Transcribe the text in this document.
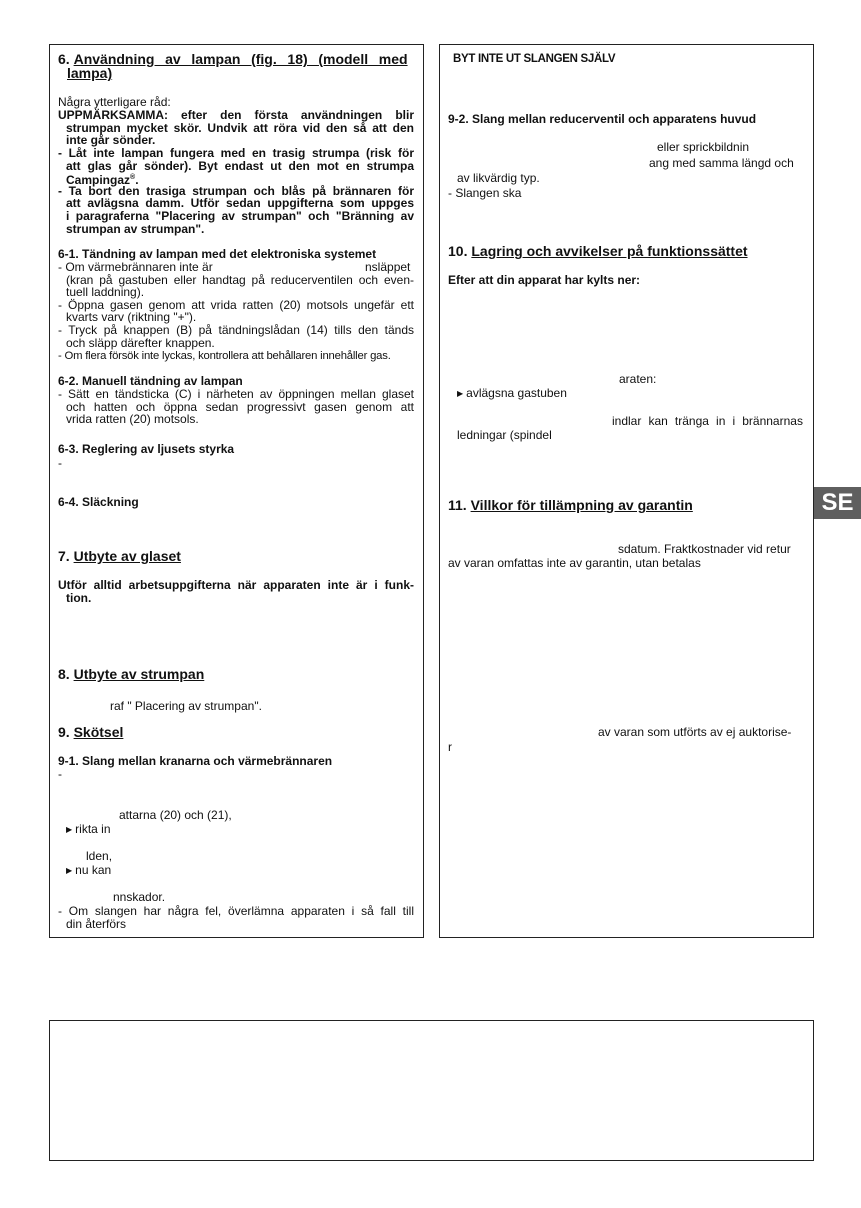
6. Användning av lampan (fig. 18) (modell med
lampa)
Några ytterligare råd:
UPPMÄRKSAMMA: efter den första användningen blir
strumpan mycket skör. Undvik att röra vid den så att den
inte går sönder.
- Låt inte lampan fungera med en trasig strumpa (risk för
att glas går sönder). Byt endast ut den mot en strumpa
Campingaz®.
- Ta bort den trasiga strumpan och blås på brännaren för
att avlägsna damm. Utför sedan uppgifterna som uppges
i paragraferna "Placering av strumpan" och "Bränning av
strumpan av strumpan".
6-1. Tändning av lampan med det elektroniska systemet
- Om värmebrännaren inte är	nsläppet
(kran på gastuben eller handtag på reducerventilen och even-
tuell laddning).
- Öppna gasen genom att vrida ratten (20) motsols ungefär ett
kvarts varv (riktning "+").
- Tryck på knappen (B) på tändningslådan (14) tills den tänds
och släpp därefter knappen.
- Om flera försök inte lyckas, kontrollera att behållaren innehåller gas.
6-2. Manuell tändning av lampan
- Sätt en tändsticka (C) i närheten av öppningen mellan glaset
och hatten och öppna sedan progressivt gasen genom att
vrida ratten (20) motsols.
6-3. Reglering av ljusets styrka
-
6-4. Släckning
7. Utbyte av glaset
Utför alltid arbetsuppgifterna när apparaten inte är i funk-
tion.
8. Utbyte av strumpan
raf " Placering av strumpan".
9. Skötsel
9-1. Slang mellan kranarna och värmebrännaren
-
attarna (20) och (21),
▶ rikta in
lden,
▶ nu kan
nnskador.
- Om slangen har några fel, överlämna apparaten i så fall till
din återförs
BYT INTE UT SLANGEN SJÄLV
9-2. Slang mellan reducerventil och apparatens huvud
eller sprickbildnin
ang med samma längd och
av likvärdig typ.
- Slangen ska
10. Lagring och avvikelser på funktionssättet
Efter att din apparat har kylts ner:
araten:
▶ avlägsna gastuben
indlar kan tränga in i brännarnas
ledningar (spindel
11. Villkor för tillämpning av garantin
sdatum. Fraktkostnader vid retur
av varan omfattas inte av garantin, utan betalas
av varan som utförts av ej auktorise-
r
SE
